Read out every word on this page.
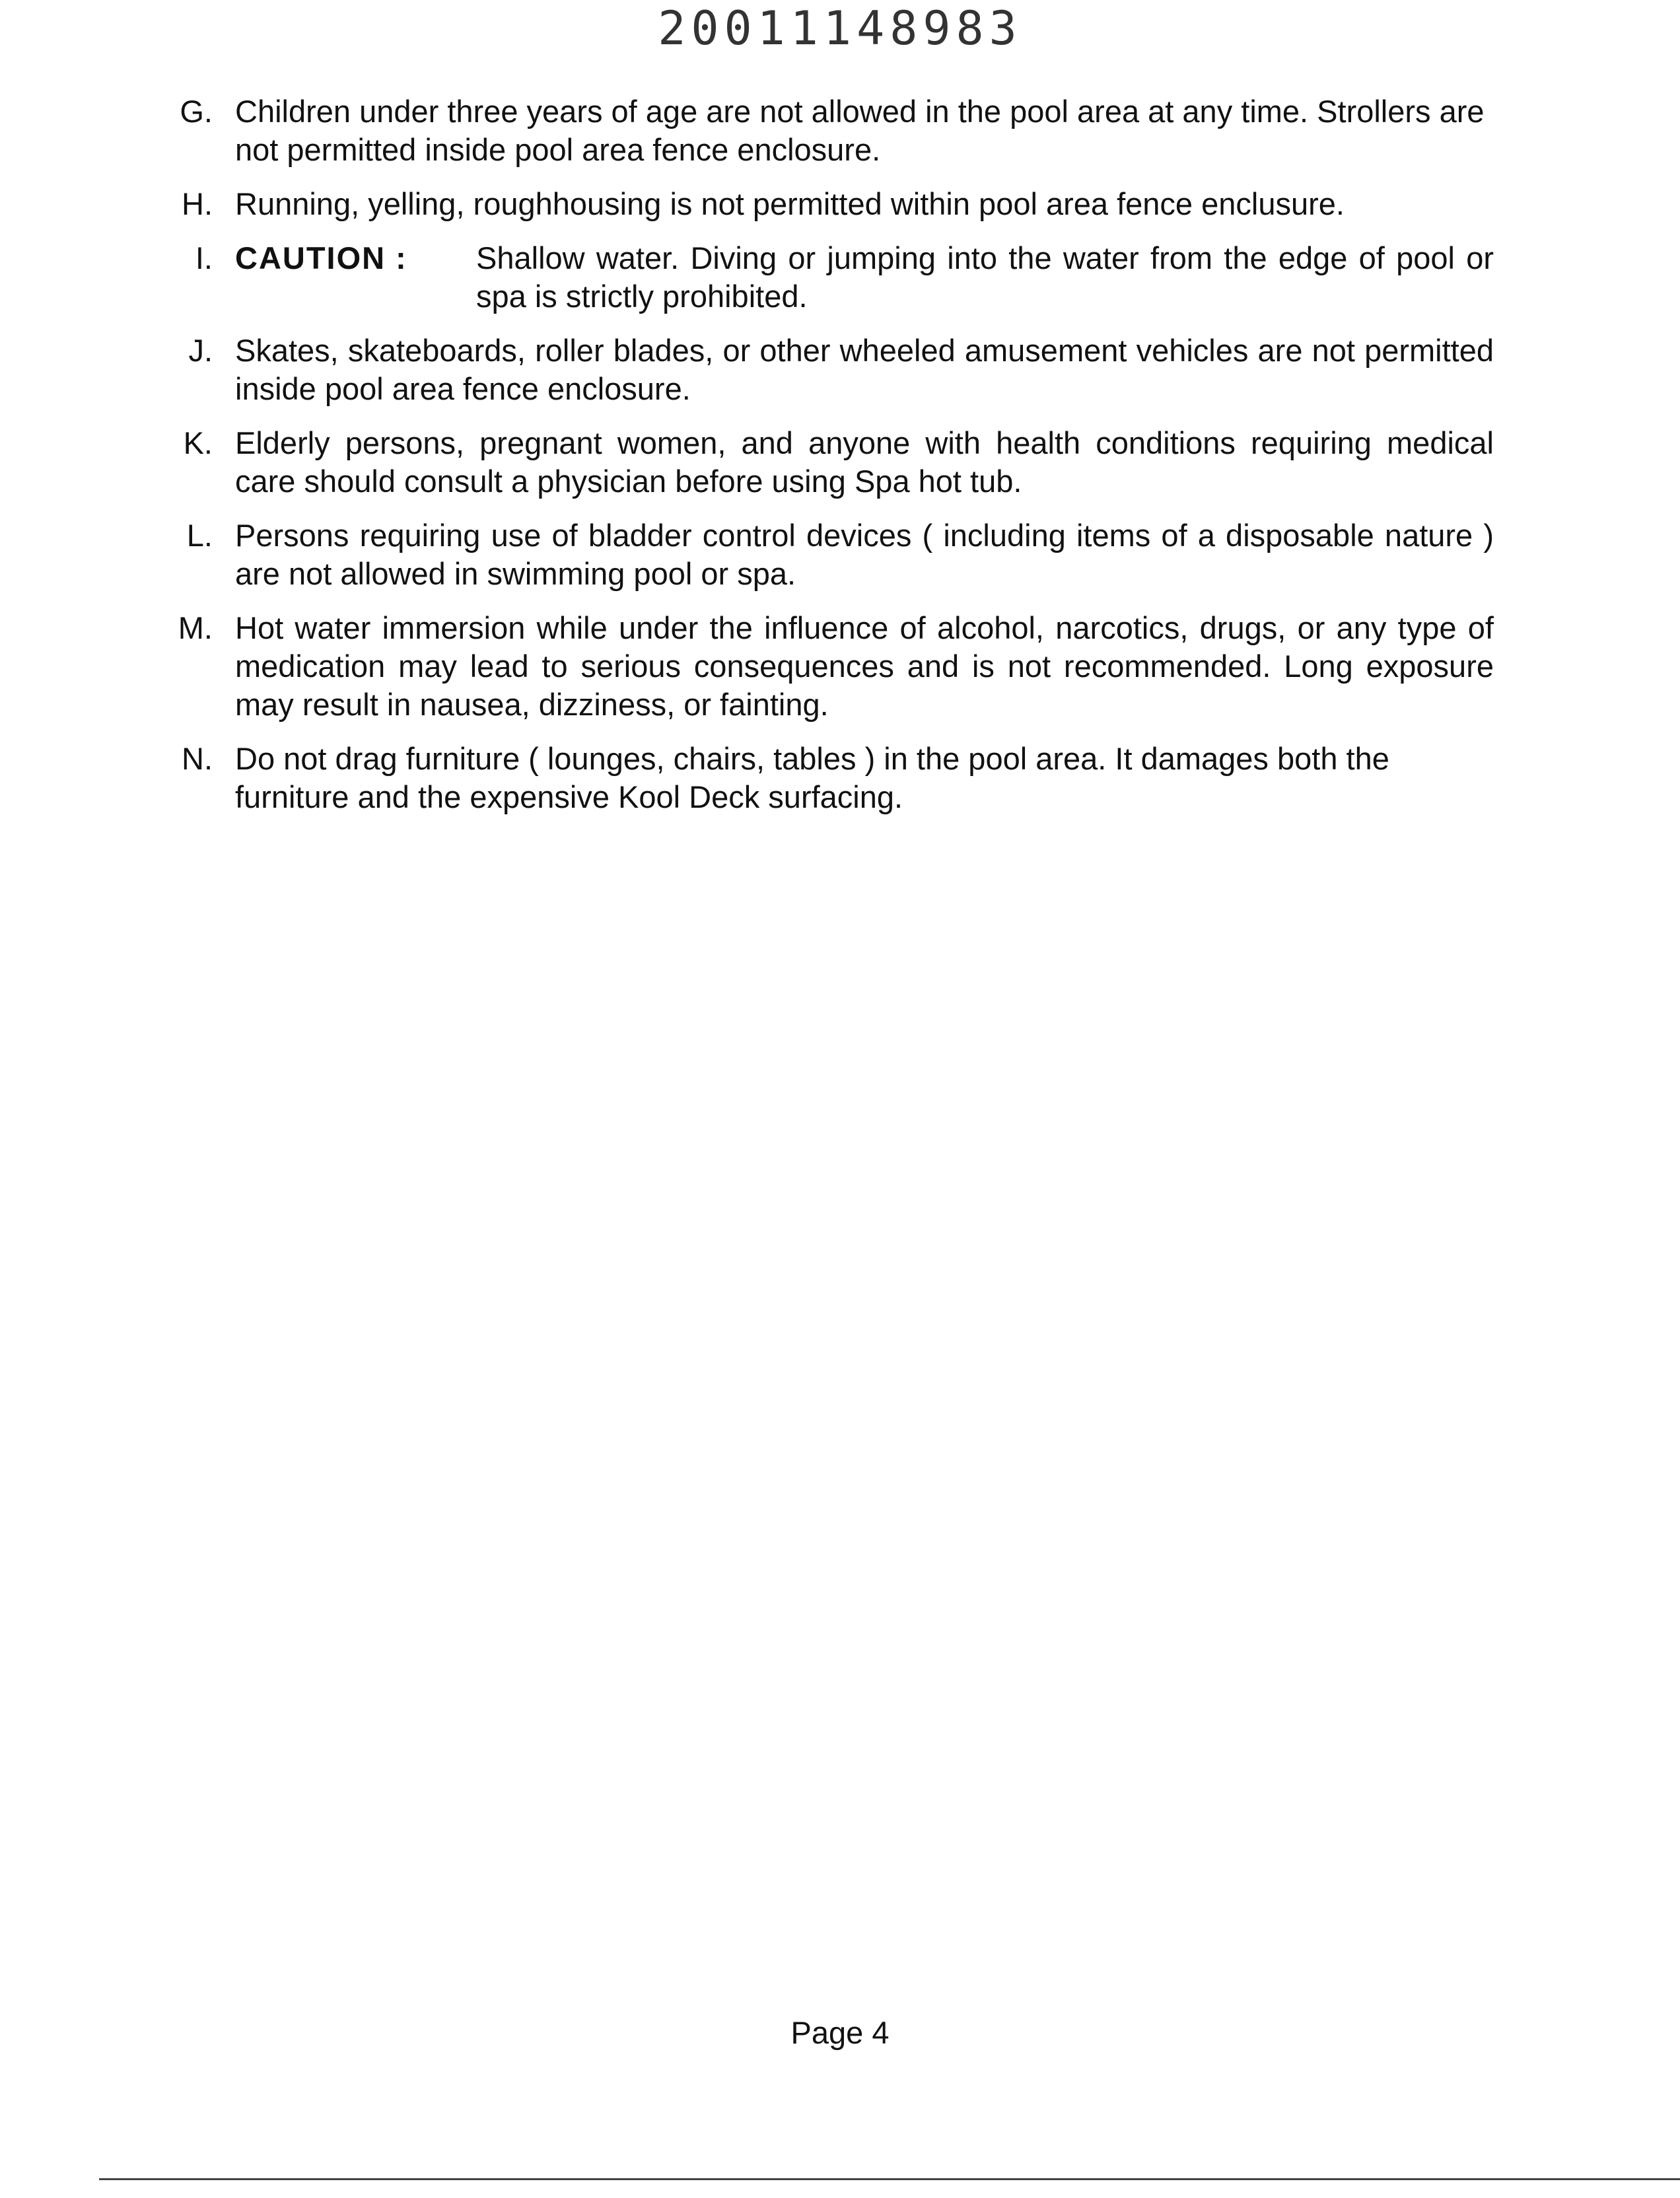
20011148983
G. Children under three years of age are not allowed in the pool area at any time. Strollers are not permitted inside pool area fence enclosure.
H. Running, yelling, roughhousing is not permitted within pool area fence enclusure.
I. CAUTION :	Shallow water. Diving or jumping into the water from the edge of pool or spa is strictly prohibited.
J. Skates, skateboards, roller blades, or other wheeled amusement vehicles are not permitted inside pool area fence enclosure.
K. Elderly persons, pregnant women, and anyone with health conditions requiring medical care should consult a physician before using Spa hot tub.
L. Persons requiring use of bladder control devices ( including items of a disposable nature ) are not allowed in swimming pool or spa.
M. Hot water immersion while under the influence of alcohol, narcotics, drugs, or any type of medication may lead to serious consequences and is not recommended. Long exposure may result in nausea, dizziness, or fainting.
N. Do not drag furniture ( lounges, chairs, tables ) in the pool area. It damages both the furniture and the expensive Kool Deck surfacing.
Page 4
